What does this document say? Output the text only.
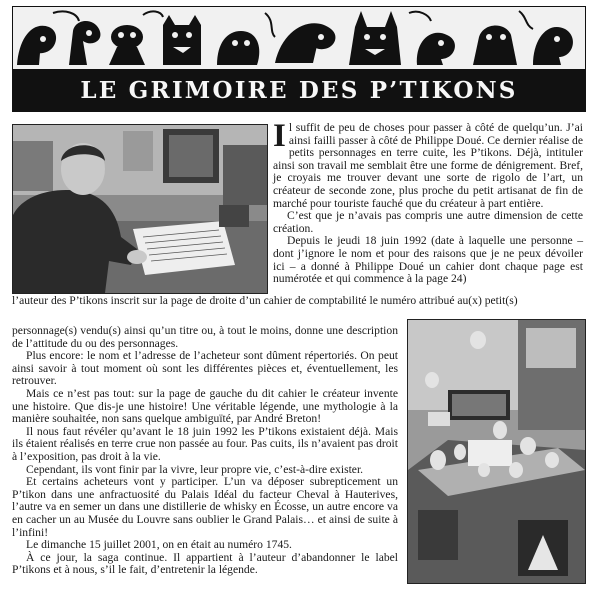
LE GRIMOIRE DES P’TIKONS

Il suffit de peu de choses pour passer à côté de quelqu’un. J’ai ainsi failli passer à côté de Philippe Doué. Ce dernier réalise de petits personnages en terre cuite, les P’tikons. Déjà, intituler ainsi son travail me semblait être une forme de dénigrement. Bref, je croyais me trouver devant une sorte de rigolo de l’art, un créateur de seconde zone, plus proche du petit artisanat de fin de marché pour touriste fauché que du créateur à part entière.

C’est que je n’avais pas compris une autre dimension de cette création.

Depuis le jeudi 18 juin 1992 (date à laquelle une personne – dont j’ignore le nom et pour des raisons que je ne peux dévoiler ici – a donné à Philippe Doué un cahier dont chaque page est numérotée et qui commence à la page 24)

l’auteur des P’tikons inscrit sur la page de droite d’un cahier de comptabilité le numéro attribué au(x) petit(s)

personnage(s) vendu(s) ainsi qu’un titre ou, à tout le moins, donne une description de l’attitude du ou des personnages.

Plus encore: le nom et l’adresse de l’acheteur sont dûment répertoriés. On peut ainsi savoir à tout moment où sont les différentes pièces et, éventuellement, les retrouver.

Mais ce n’est pas tout: sur la page de gauche du dit cahier le créateur invente une histoire. Que dis-je une histoire! Une véritable légende, une mythologie à la manière souhaitée, non sans quelque ambiguïté, par André Breton!

Il nous faut révéler qu’avant le 18 juin 1992 les P’tikons existaient déjà. Mais ils étaient réalisés en terre crue non passée au four. Pas cuits, ils n’avaient pas droit à l’exposition, pas droit à la vie.

Cependant, ils vont finir par la vivre, leur propre vie, c’est-à-dire exister.

Et certains acheteurs vont y participer. L’un va déposer subrepticement un P’tikon dans une anfractuosité du Palais Idéal du facteur Cheval à Hauterives, l’autre va en semer un dans une distillerie de whisky en Écosse, un autre encore va en cacher un au Musée du Louvre sans oublier le Grand Palais… et ainsi de suite à l’infini!

Le dimanche 15 juillet 2001, on en était au numéro 1745.

À ce jour, la saga continue. Il appartient à l’auteur d’abandonner le label P’tikons et à nous, s’il le fait, d’entretenir la légende.
